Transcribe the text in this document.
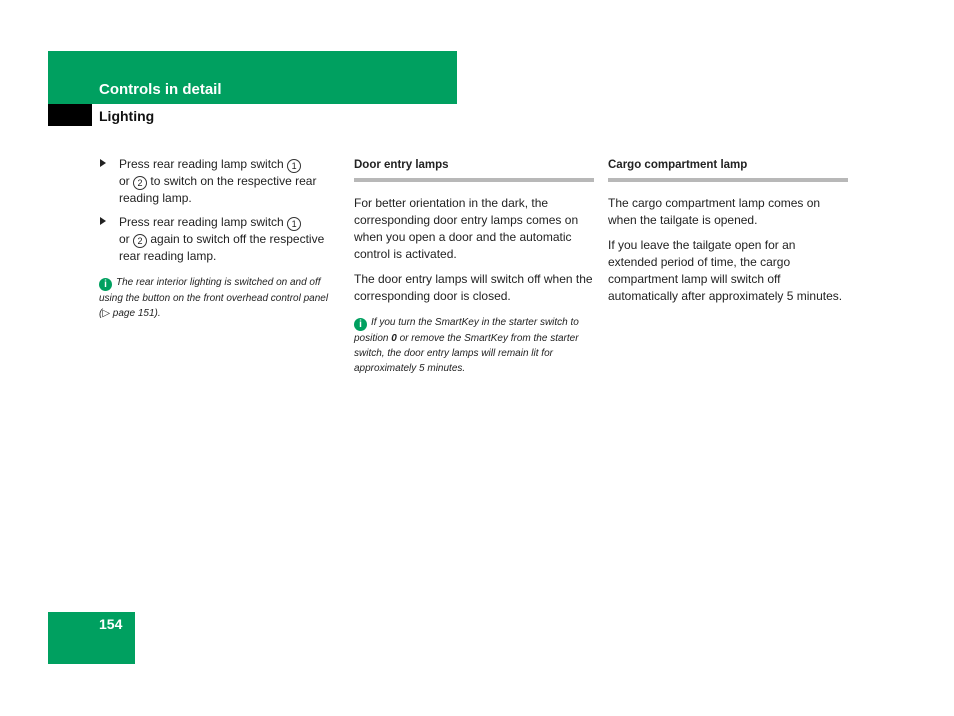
Controls in detail
Lighting
Press rear reading lamp switch 1
or 2 to switch on the respective rear reading lamp.
Press rear reading lamp switch 1
or 2 again to switch off the respective rear reading lamp.
i The rear interior lighting is switched on and off using the button on the front overhead control panel (▷ page 151).
Door entry lamps

For better orientation in the dark, the corresponding door entry lamps comes on when you open a door and the automatic control is activated.

The door entry lamps will switch off when the corresponding door is closed.

i If you turn the SmartKey in the starter switch to position 0 or remove the SmartKey from the starter switch, the door entry lamps will remain lit for approximately 5 minutes.
Cargo compartment lamp

The cargo compartment lamp comes on when the tailgate is opened.

If you leave the tailgate open for an extended period of time, the cargo compartment lamp will switch off automatically after approximately 5 minutes.

154
